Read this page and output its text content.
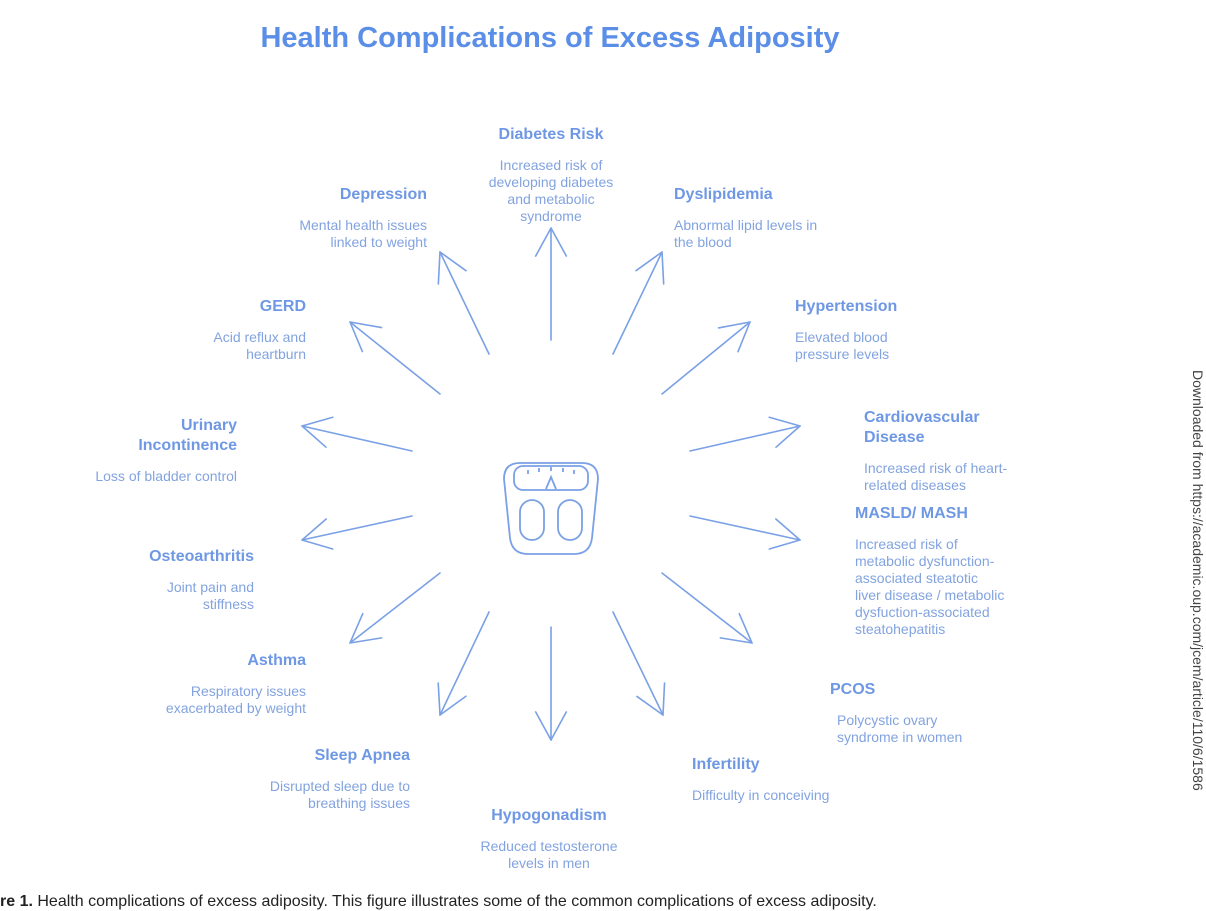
Health Complications of Excess Adiposity
Diabetes Risk
Increased risk of developing diabetes and metabolic syndrome
Dyslipidemia
Abnormal lipid levels in the blood
Hypertension
Elevated blood pressure levels
Cardiovascular Disease
Increased risk of heart-related diseases
MASLD/ MASH
Increased risk of metabolic dysfunction-associated steatotic liver disease / metabolic dysfuction-associated steatohepatitis
PCOS
Polycystic ovary syndrome in women
Infertility
Difficulty in conceiving
Hypogonadism
Reduced testosterone levels in men
Sleep Apnea
Disrupted sleep due to breathing issues
Asthma
Respiratory issues exacerbated by weight
Osteoarthritis
Joint pain and stiffness
Urinary Incontinence
Loss of bladder control
GERD
Acid reflux and heartburn
Depression
Mental health issues linked to weight
Downloaded from https://academic.oup.com/jcem/article/110/6/1586
re 1. Health complications of excess adiposity. This figure illustrates some of the common complications of excess adiposity.
